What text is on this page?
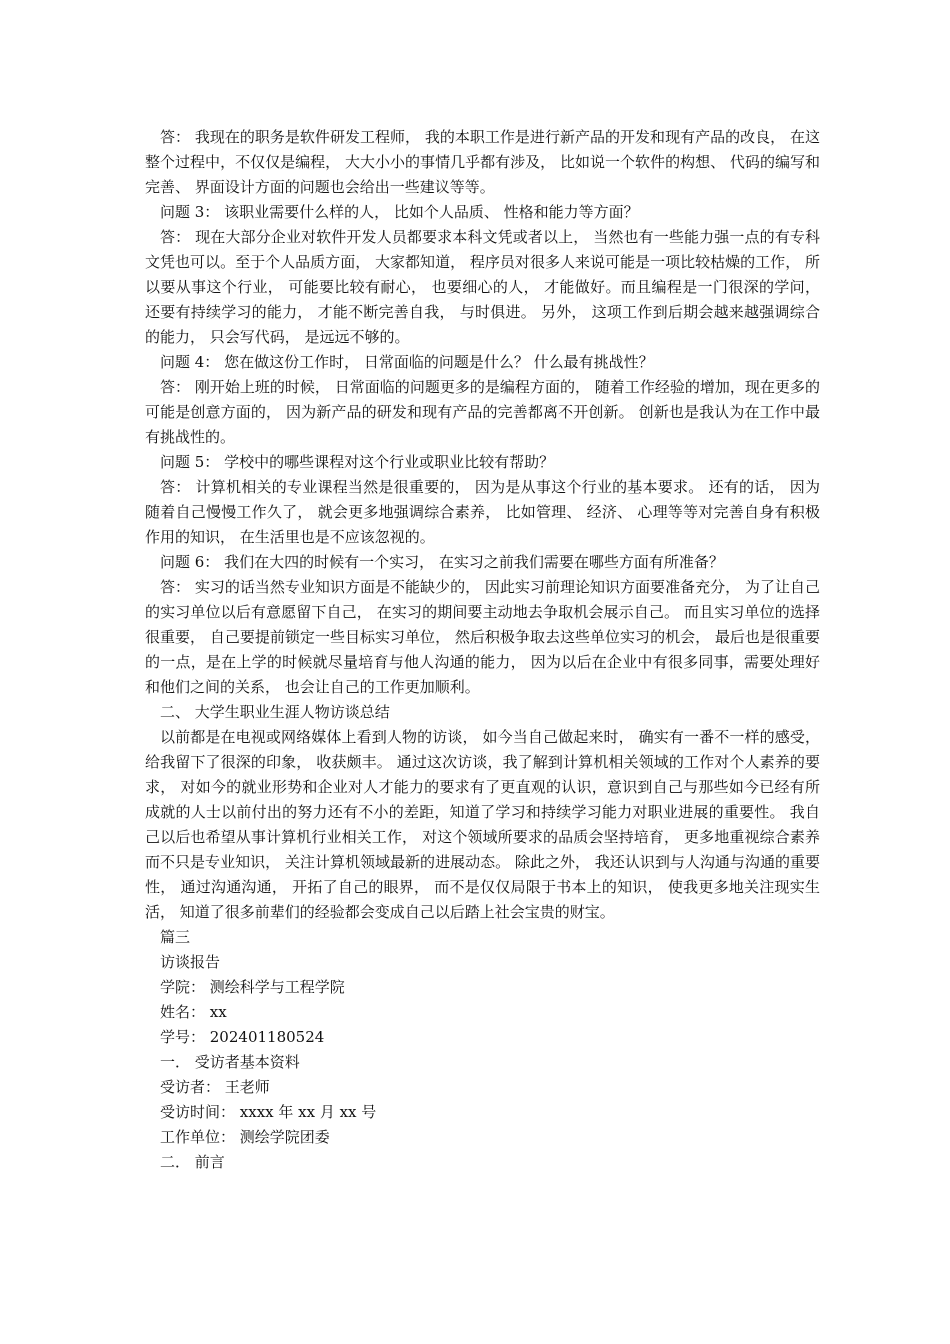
答： 我现在的职务是软件研发工程师， 我的本职工作是进行新产品的开发和现有产品的改良， 在这整个过程中，不仅仅是编程， 大大小小的事情几乎都有涉及， 比如说一个软件的构想、 代码的编写和完善、 界面设计方面的问题也会给出一些建议等等。

问题 3： 该职业需要什么样的人， 比如个人品质、 性格和能力等方面？

答： 现在大部分企业对软件开发人员都要求本科文凭或者以上， 当然也有一些能力强一点的有专科文凭也可以。至于个人品质方面， 大家都知道， 程序员对很多人来说可能是一项比较枯燥的工作， 所以要从事这个行业， 可能要比较有耐心， 也要细心的人， 才能做好。而且编程是一门很深的学问， 还要有持续学习的能力， 才能不断完善自我， 与时俱进。 另外， 这项工作到后期会越来越强调综合的能力， 只会写代码， 是远远不够的。

问题 4： 您在做这份工作时， 日常面临的问题是什么？ 什么最有挑战性？

答： 刚开始上班的时候， 日常面临的问题更多的是编程方面的， 随着工作经验的增加，现在更多的可能是创意方面的， 因为新产品的研发和现有产品的完善都离不开创新。 创新也是我认为在工作中最有挑战性的。

问题 5： 学校中的哪些课程对这个行业或职业比较有帮助？

答： 计算机相关的专业课程当然是很重要的， 因为是从事这个行业的基本要求。 还有的话， 因为随着自己慢慢工作久了， 就会更多地强调综合素养， 比如管理、 经济、 心理等等对完善自身有积极作用的知识， 在生活里也是不应该忽视的。

问题 6： 我们在大四的时候有一个实习， 在实习之前我们需要在哪些方面有所准备？

答： 实习的话当然专业知识方面是不能缺少的， 因此实习前理论知识方面要准备充分， 为了让自己的实习单位以后有意愿留下自己， 在实习的期间要主动地去争取机会展示自己。 而且实习单位的选择很重要， 自己要提前锁定一些目标实习单位， 然后积极争取去这些单位实习的机会， 最后也是很重要的一点，是在上学的时候就尽量培育与他人沟通的能力， 因为以后在企业中有很多同事，需要处理好和他们之间的关系， 也会让自己的工作更加顺利。

二、 大学生职业生涯人物访谈总结

以前都是在电视或网络媒体上看到人物的访谈， 如今当自己做起来时， 确实有一番不一样的感受， 给我留下了很深的印象， 收获颇丰。 通过这次访谈，我了解到计算机相关领域的工作对个人素养的要求， 对如今的就业形势和企业对人才能力的要求有了更直观的认识，意识到自己与那些如今已经有所成就的人士以前付出的努力还有不小的差距，知道了学习和持续学习能力对职业进展的重要性。 我自己以后也希望从事计算机行业相关工作， 对这个领域所要求的品质会坚持培育， 更多地重视综合素养而不只是专业知识， 关注计算机领域最新的进展动态。 除此之外， 我还认识到与人沟通与沟通的重要性， 通过沟通沟通， 开拓了自己的眼界， 而不是仅仅局限于书本上的知识， 使我更多地关注现实生活， 知道了很多前辈们的经验都会变成自己以后踏上社会宝贵的财宝。

篇三

访谈报告

学院： 测绘科学与工程学院

姓名： xx

学号： 202401180524

一． 受访者基本资料

受访者： 王老师

受访时间： xxxx 年 xx 月 xx 号

工作单位： 测绘学院团委

二． 前言
